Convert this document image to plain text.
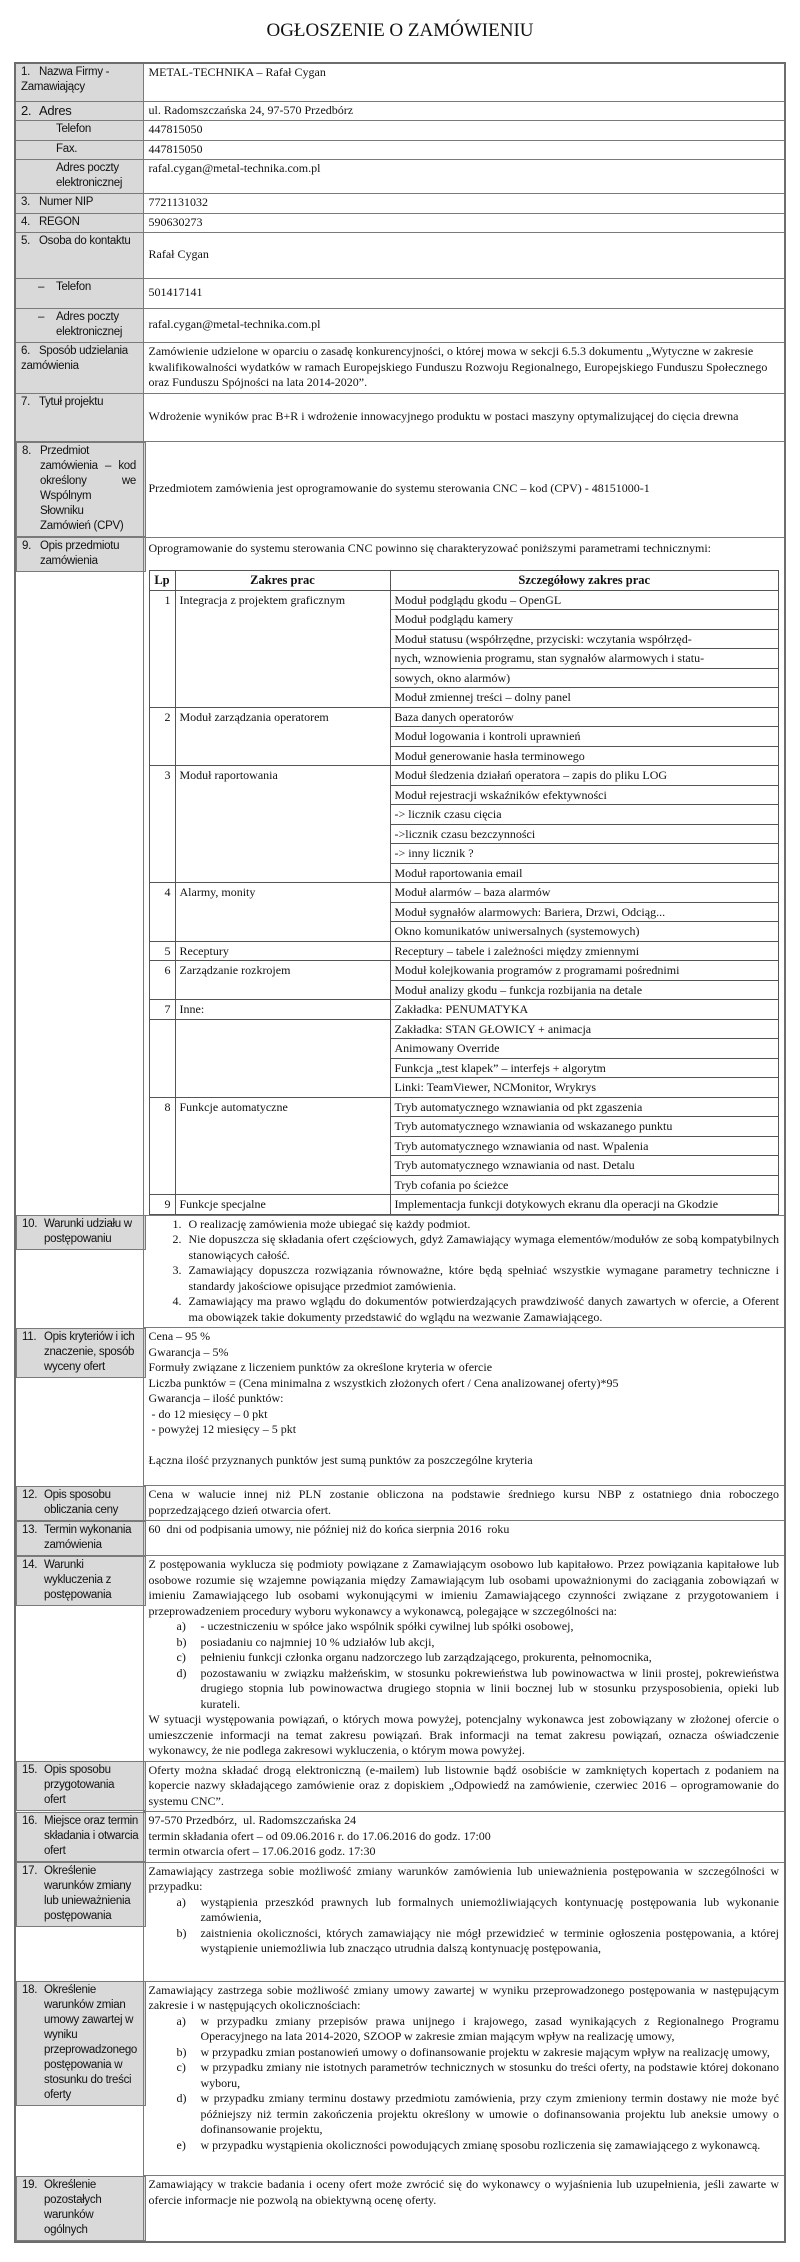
OGŁOSZENIE O ZAMÓWIENIU
1. Nazwa Firmy - Zamawiający	METAL-TECHNIKA – Rafał Cygan
2. Adres	ul. Radomszczańska 24, 97-570 Przedbórz
Telefon	447815050
Fax.	447815050

Adres poczty
elektronicznej
	rafal.cygan@metal-technika.com.pl
3. Numer NIP	7721131032
4. REGON	590630273
5. Osoba do kontaktu	Rafał Cygan
– Telefon	501417141
– Adres poczty
elektronicznej
	rafal.cygan@metal-technika.com.pl
6. Sposób udzielania zamówienia	Zamówienie udzielone w oparciu o zasadę konkurencyjności, o której mowa w sekcji 6.5.3 dokumentu „Wytyczne w zakresie kwalifikowalności wydatków w ramach Europejskiego Funduszu Rozwoju Regionalnego, Europejskiego Funduszu Społecznego oraz Funduszu Spójności na lata 2014-2020”.
7. Tytuł projektu	Wdrożenie wyników prac B+R i wdrożenie innowacyjnego produktu w postaci maszyny optymalizującej do cięcia drewna

8. Przedmiot zamówienia – kod określony we Wspólnym Słowniku Zamówień (CPV)
Przedmiotem zamówienia jest oprogramowanie do systemu sterowania CNC – kod (CPV) - 48151000-1

9. Opis przedmiotu zamówienia
Oprogramowanie do systemu sterowania CNC powinno się charakteryzować poniższymi parametrami technicznymi:
Lp	Zakres prac	Szczegółowy zakres prac
1	Integracja z projektem graficznym	Moduł podglądu gkodu – OpenGL
Moduł podglądu kamery
Moduł statusu (współrzędne, przyciski: wczytania współrzęd-
nych, wznowienia programu, stan sygnałów alarmowych i statu-
sowych, okno alarmów)
Moduł zmiennej treści – dolny panel
2	Moduł zarządzania operatorem	Baza danych operatorów
Moduł logowania i kontroli uprawnień
Moduł generowanie hasła terminowego
3	Moduł raportowania	Moduł śledzenia działań operatora – zapis do pliku LOG
Moduł rejestracji wskaźników efektywności
-> licznik czasu cięcia
->licznik czasu bezczynności
-> inny licznik ?
Moduł raportowania email
4	Alarmy, monity	Moduł alarmów – baza alarmów
Moduł sygnałów alarmowych: Bariera, Drzwi, Odciąg...
Okno komunikatów uniwersalnych (systemowych)
5	Receptury	Receptury – tabele i zależności między zmiennymi
6	Zarządzanie rozkrojem	Moduł kolejkowania programów z programami pośrednimi
Moduł analizy gkodu – funkcja rozbijania na detale
7	Inne:	Zakładka: PENUMATYKA
		Zakładka: STAN GŁOWICY + animacja
Animowany Override
Funkcja „test klapek” – interfejs + algorytm
Linki: TeamViewer, NCMonitor, Wrykrys
8	Funkcje automatyczne	Tryb automatycznego wznawiania od pkt zgaszenia
Tryb automatycznego wznawiania od wskazanego punktu
Tryb automatycznego wznawiania od nast. Wpalenia
Tryb automatycznego wznawiania od nast. Detalu
Tryb cofania po ścieżce
9	Funkcje specjalne	Implementacja funkcji dotykowych ekranu dla operacji na Gkodzie

10. Warunki udziału w postępowaniu
1. O realizację zamówienia może ubiegać się każdy podmiot.
2. Nie dopuszcza się składania ofert częściowych, gdyż Zamawiający wymaga elementów/modułów ze sobą kompatybilnych stanowiących całość.
3. Zamawiający dopuszcza rozwiązania równoważne, które będą spełniać wszystkie wymagane parametry techniczne i standardy jakościowe opisujące przedmiot zamówienia.
4. Zamawiający ma prawo wglądu do dokumentów potwierdzających prawdziwość danych zawartych w ofercie, a Oferent ma obowiązek takie dokumenty przedstawić do wglądu na wezwanie Zamawiającego.

11. Opis kryteriów i ich znaczenie, sposób wyceny ofert
Cena – 95 %
Gwarancja – 5%
Formuły związane z liczeniem punktów za określone kryteria w ofercie
Liczba punktów = (Cena minimalna z wszystkich złożonych ofert / Cena analizowanej oferty)*95
Gwarancja – ilość punktów:
- do 12 miesięcy – 0 pkt
- powyżej 12 miesięcy – 5 pkt
Łączna ilość przyznanych punktów jest sumą punktów za poszczególne kryteria

12. Opis sposobu obliczania ceny
Cena w walucie innej niż PLN zostanie obliczona na podstawie średniego kursu NBP z ostatniego dnia roboczego poprzedzającego dzień otwarcia ofert.

13. Termin wykonania zamówienia
60  dni od podpisania umowy, nie później niż do końca sierpnia 2016  roku

14. Warunki wykluczenia z postępowania
Z postępowania wyklucza się podmioty powiązane z Zamawiającym osobowo lub kapitałowo. Przez powiązania kapitałowe lub osobowe rozumie się wzajemne powiązania między Zamawiającym lub osobami upoważnionymi do zaciągania zobowiązań w imieniu Zamawiającego lub osobami wykonującymi w imieniu Zamawiającego czynności związane z przygotowaniem i przeprowadzeniem procedury wyboru wykonawcy a wykonawcą, polegające w szczególności na:
a) - uczestniczeniu w spółce jako wspólnik spółki cywilnej lub spółki osobowej,
b) posiadaniu co najmniej 10 % udziałów lub akcji,
c) pełnieniu funkcji członka organu nadzorczego lub zarządzającego, prokurenta, pełnomocnika,
d) pozostawaniu w związku małżeńskim, w stosunku pokrewieństwa lub powinowactwa w linii prostej, pokrewieństwa drugiego stopnia lub powinowactwa drugiego stopnia w linii bocznej lub w stosunku przysposobienia, opieki lub kurateli.
W sytuacji występowania powiązań, o których mowa powyżej, potencjalny wykonawca jest zobowiązany w złożonej ofercie o umieszczenie informacji na temat zakresu powiązań. Brak informacji na temat zakresu powiązań, oznacza oświadczenie wykonawcy, że nie podlega zakresowi wykluczenia, o którym mowa powyżej.

15. Opis sposobu przygotowania ofert
Oferty można składać drogą elektroniczną (e-mailem) lub listownie bądź osobiście w zamkniętych kopertach z podaniem na kopercie nazwy składającego zamówienie oraz z dopiskiem „Odpowiedź na zamówienie, czerwiec 2016 – oprogramowanie do systemu CNC”.

16. Miejsce oraz termin składania i otwarcia ofert
97-570 Przedbórz,  ul. Radomszczańska 24
termin składania ofert – od 09.06.2016 r. do 17.06.2016 do godz. 17:00
termin otwarcia ofert – 17.06.2016 godz. 17:30

17. Określenie warunków zmiany lub unieważnienia postępowania
Zamawiający zastrzega sobie możliwość zmiany warunków zamówienia lub unieważnienia postępowania w szczególności w przypadku:
a) wystąpienia przeszkód prawnych lub formalnych uniemożliwiających kontynuację postępowania lub wykonanie zamówienia,
b) zaistnienia okoliczności, których zamawiający nie mógł przewidzieć w terminie ogłoszenia postępowania, a której wystąpienie uniemożliwia lub znacząco utrudnia dalszą kontynuację postępowania,

18. Określenie warunków zmian umowy zawartej w wyniku przeprowadzonego postępowania w stosunku do treści oferty
Zamawiający zastrzega sobie możliwość zmiany umowy zawartej w wyniku przeprowadzonego postępowania w następującym zakresie i w następujących okolicznościach:
a) w przypadku zmiany przepisów prawa unijnego i krajowego, zasad wynikających z Regionalnego Programu Operacyjnego na lata 2014-2020, SZOOP w zakresie zmian mającym wpływ na realizację umowy,
b) w przypadku zmian postanowień umowy o dofinansowanie projektu w zakresie mającym wpływ na realizację umowy,
c) w przypadku zmiany nie istotnych parametrów technicznych w stosunku do treści oferty, na podstawie której dokonano wyboru,
d) w przypadku zmiany terminu dostawy przedmiotu zamówienia, przy czym zmieniony termin dostawy nie może być późniejszy niż termin zakończenia projektu określony w umowie o dofinansowania projektu lub aneksie umowy o dofinansowanie projektu,
e) w przypadku wystąpienia okoliczności powodujących zmianę sposobu rozliczenia się zamawiającego z wykonawcą.

19. Określenie pozostałych warunków ogólnych
Zamawiający w trakcie badania i oceny ofert może zwrócić się do wykonawcy o wyjaśnienia lub uzupełnienia, jeśli zawarte w ofercie informacje nie pozwolą na obiektywną ocenę oferty.
